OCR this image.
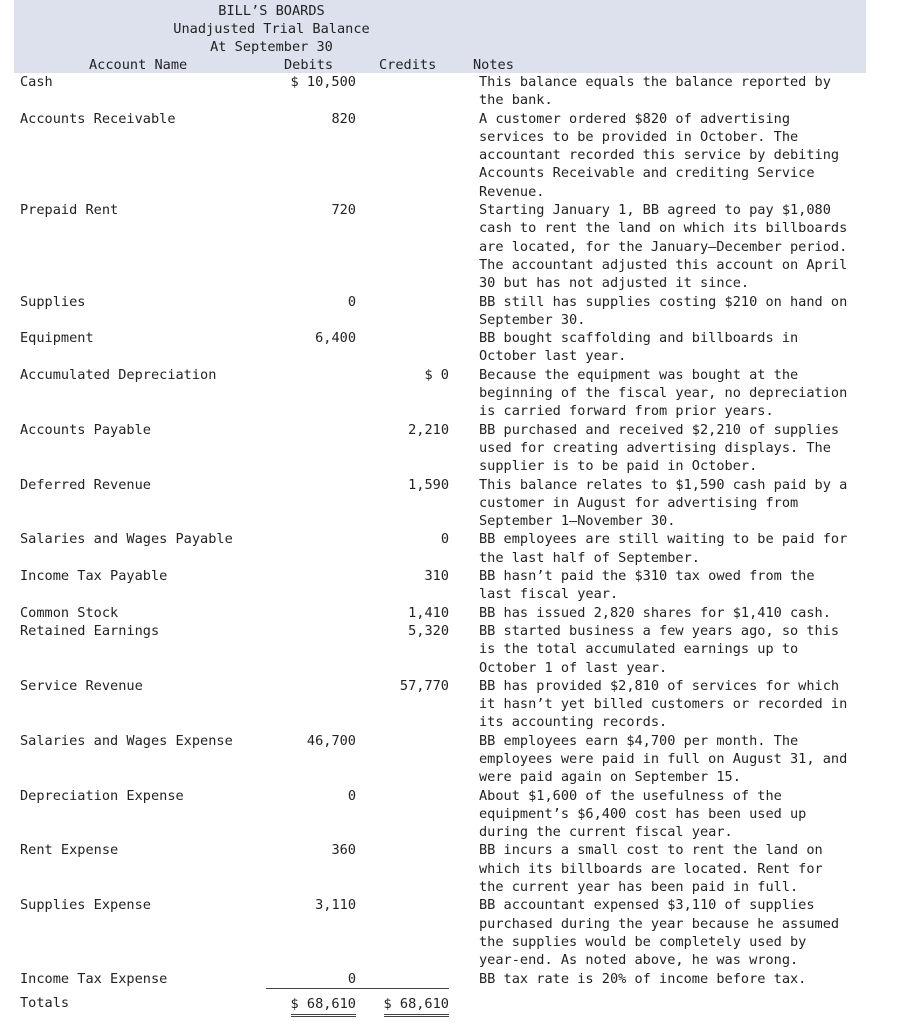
BILL’S BOARDS
Unadjusted Trial Balance
At September 30
Account Name	Debits	Credits	Notes
Cash	$ 10,500		This balance equals the balance reported by
the bank.

Accounts Receivable	820		A customer ordered $820 of advertising
services to be provided in October. The
accountant recorded this service by debiting
Accounts Receivable and crediting Service
Revenue.

Prepaid Rent	720		Starting January 1, BB agreed to pay $1,080
cash to rent the land on which its billboards
are located, for the January–December period.
The accountant adjusted this account on April
30 but has not adjusted it since.

Supplies	0		BB still has supplies costing $210 on hand on
September 30.

Equipment	6,400		BB bought scaffolding and billboards in
October last year.

Accumulated Depreciation		$ 0	Because the equipment was bought at the
beginning of the fiscal year, no depreciation
is carried forward from prior years.

Accounts Payable		2,210	BB purchased and received $2,210 of supplies
used for creating advertising displays. The
supplier is to be paid in October.

Deferred Revenue		1,590	This balance relates to $1,590 cash paid by a
customer in August for advertising from
September 1–November 30.

Salaries and Wages Payable		0	BB employees are still waiting to be paid for
the last half of September.

Income Tax Payable		310	BB hasn’t paid the $310 tax owed from the
last fiscal year.

Common Stock		1,410	BB has issued 2,820 shares for $1,410 cash.

Retained Earnings		5,320	BB started business a few years ago, so this
is the total accumulated earnings up to
October 1 of last year.

Service Revenue		57,770	BB has provided $2,810 of services for which
it hasn’t yet billed customers or recorded in
its accounting records.

Salaries and Wages Expense	46,700		BB employees earn $4,700 per month. The
employees were paid in full on August 31, and
were paid again on September 15.

Depreciation Expense	0		About $1,600 of the usefulness of the
equipment’s $6,400 cost has been used up
during the current fiscal year.

Rent Expense	360		BB incurs a small cost to rent the land on
which its billboards are located. Rent for
the current year has been paid in full.

Supplies Expense	3,110		BB accountant expensed $3,110 of supplies
purchased during the year because he assumed
the supplies would be completely used by
year-end. As noted above, he was wrong.

Income Tax Expense	0		BB tax rate is 20% of income before tax.

Totals	$ 68,610	$ 68,610	
